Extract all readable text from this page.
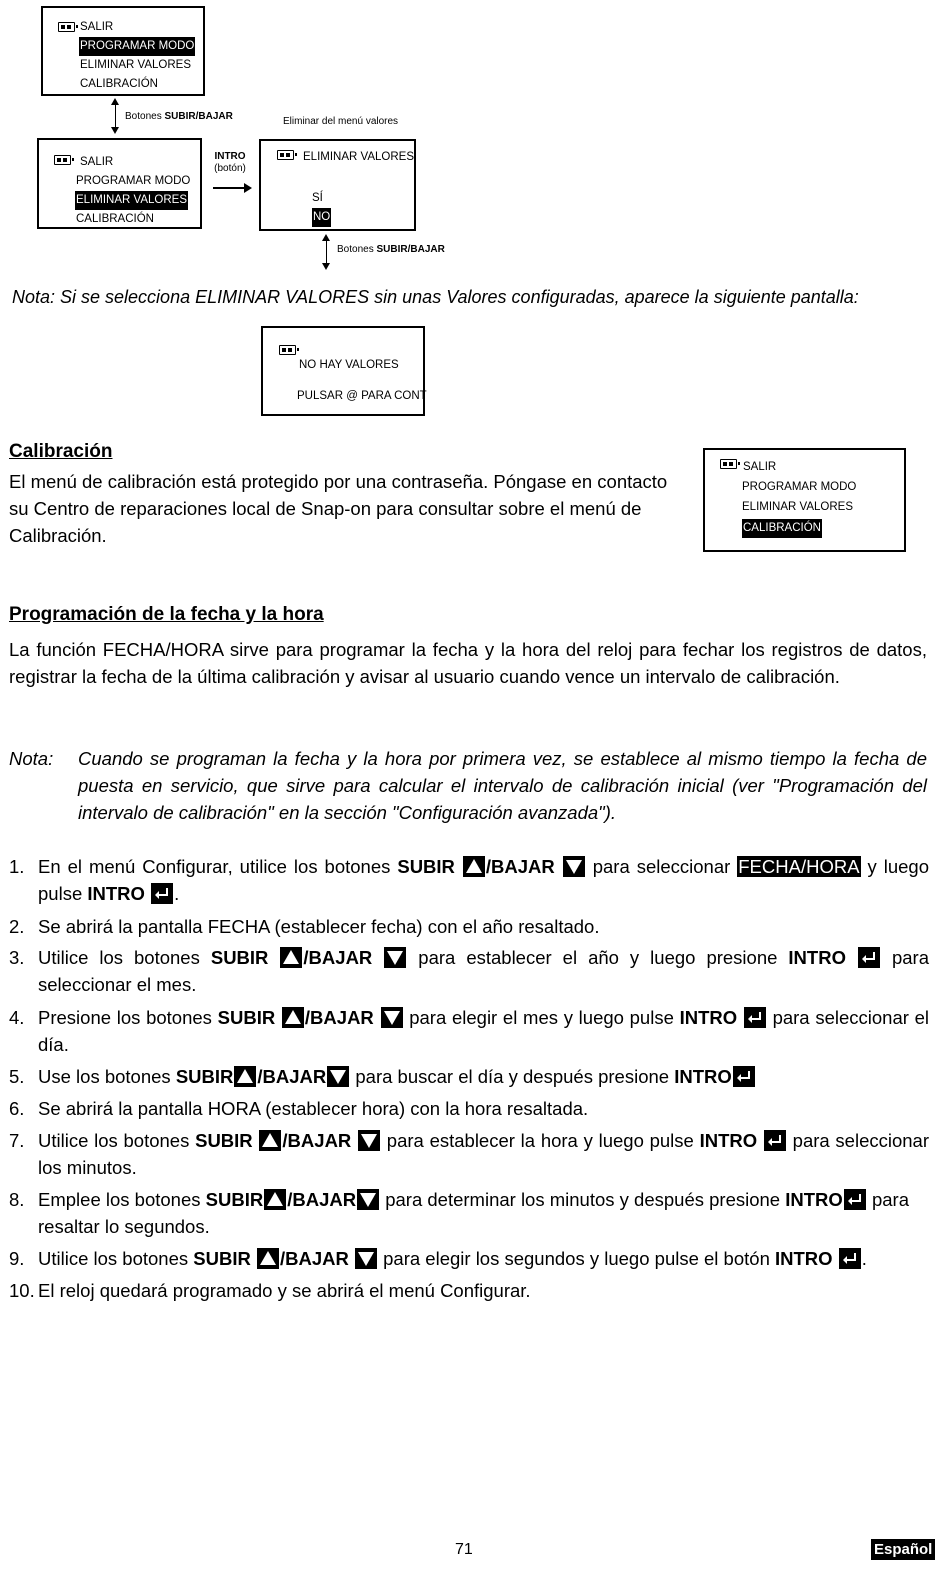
SALIR
PROGRAMAR MODO
ELIMINAR VALORES
CALIBRACIÓN
Botones SUBIR/BAJAR	Eliminar del menú valores
SALIR
PROGRAMAR MODO
ELIMINAR VALORES
CALIBRACIÓN
INTRO
(botón)
ELIMINAR VALORES
SÍ
NO
Botones SUBIR/BAJAR
Nota: Si se selecciona ELIMINAR VALORES sin unas Valores configuradas, aparece la siguiente pantalla:
NO HAY VALORES
PULSAR @ PARA CONT
Calibración
El menú de calibración está protegido por una contraseña. Póngase en contacto su Centro de reparaciones local de Snap-on para consultar sobre el menú de Calibración.
SALIR
PROGRAMAR MODO
ELIMINAR VALORES
CALIBRACIÓN
Programación de la fecha y la hora
La función FECHA/HORA sirve para programar la fecha y la hora del reloj para fechar los registros de datos, registrar la fecha de la última calibración y avisar al usuario cuando vence un intervalo de calibración.
Nota: Cuando se programan la fecha y la hora por primera vez, se establece al mismo tiempo la fecha de puesta en servicio, que sirve para calcular el intervalo de calibración inicial (ver "Programación del intervalo de calibración" en la sección "Configuración avanzada").
1. En el menú Configurar, utilice los botones SUBIR /BAJAR  para seleccionar FECHA/HORA y luego pulse INTRO
.
2. Se abrirá la pantalla FECHA (establecer fecha) con el año resaltado.
3. Utilice los botones SUBIR /BAJAR  para establecer el año y luego presione INTRO
para seleccionar el mes.
4. Presione los botones SUBIR /BAJAR  para elegir el mes y luego pulse INTRO
para seleccionar el día.
5. Use los botones SUBIR /BAJAR para buscar el día y después presione INTRO
6. Se abrirá la pantalla HORA (establecer hora) con la hora resaltada.
7. Utilice los botones SUBIR /BAJAR  para establecer la hora y luego pulse INTRO
para seleccionar los minutos.
8. Emplee los botones SUBIR /BAJAR para determinar los minutos y después presione INTRO
para resaltar lo segundos.
9. Utilice los botones SUBIR /BAJAR  para elegir los segundos y luego pulse el botón INTRO
.
10. El reloj quedará programado y se abrirá el menú Configurar.
71	Español
